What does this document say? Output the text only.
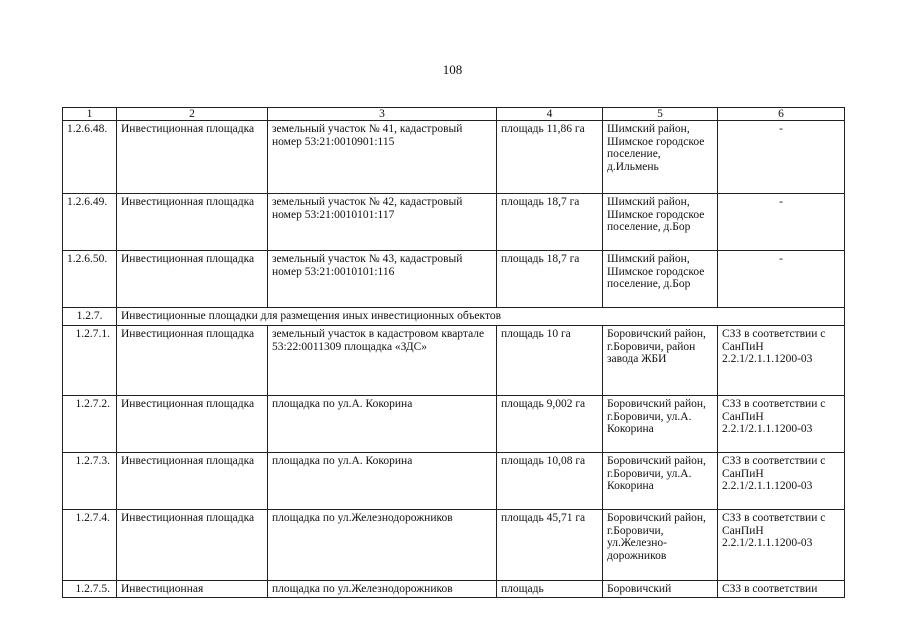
108
1	2	3	4	5	6
1.2.6.48.	Инвестиционная площадка	земельный участок № 41, кадастровый номер 53:21:0010901:115	площадь 11,86 га	Шимский район, Шимское городское поселение, д.Ильмень	-
1.2.6.49.	Инвестиционная площадка	земельный участок № 42, кадастровый номер 53:21:0010101:117	площадь 18,7 га	Шимский район, Шимское городское поселение, д.Бор	-
1.2.6.50.	Инвестиционная площадка	земельный участок № 43, кадастровый номер 53:21:0010101:116	площадь 18,7 га	Шимский район, Шимское городское поселение, д.Бор	-
1.2.7.	Инвестиционные площадки для размещения иных инвестиционных объектов				
1.2.7.1.	Инвестиционная площадка	земельный участок в кадастровом квартале 53:22:0011309 площадка «ЗДС»	площадь 10 га	Боровичский район, г.Боровичи, район завода ЖБИ	СЗЗ в соответствии с СанПиН 2.2.1/2.1.1.1200-03
1.2.7.2.	Инвестиционная площадка	площадка по ул.А. Кокорина	площадь 9,002 га	Боровичский район, г.Боровичи, ул.А. Кокорина	СЗЗ в соответствии с СанПиН 2.2.1/2.1.1.1200-03
1.2.7.3.	Инвестиционная площадка	площадка по ул.А. Кокорина	площадь 10,08 га	Боровичский район, г.Боровичи, ул.А. Кокорина	СЗЗ в соответствии с СанПиН 2.2.1/2.1.1.1200-03
1.2.7.4.	Инвестиционная площадка	площадка по ул.Железнодорожников	площадь 45,71 га	Боровичский район, г.Боровичи, ул.Железно-дорожников	СЗЗ в соответствии с СанПиН 2.2.1/2.1.1.1200-03
1.2.7.5.	Инвестиционная	площадка по ул.Железнодорожников	площадь	Боровичский	СЗЗ в соответствии
